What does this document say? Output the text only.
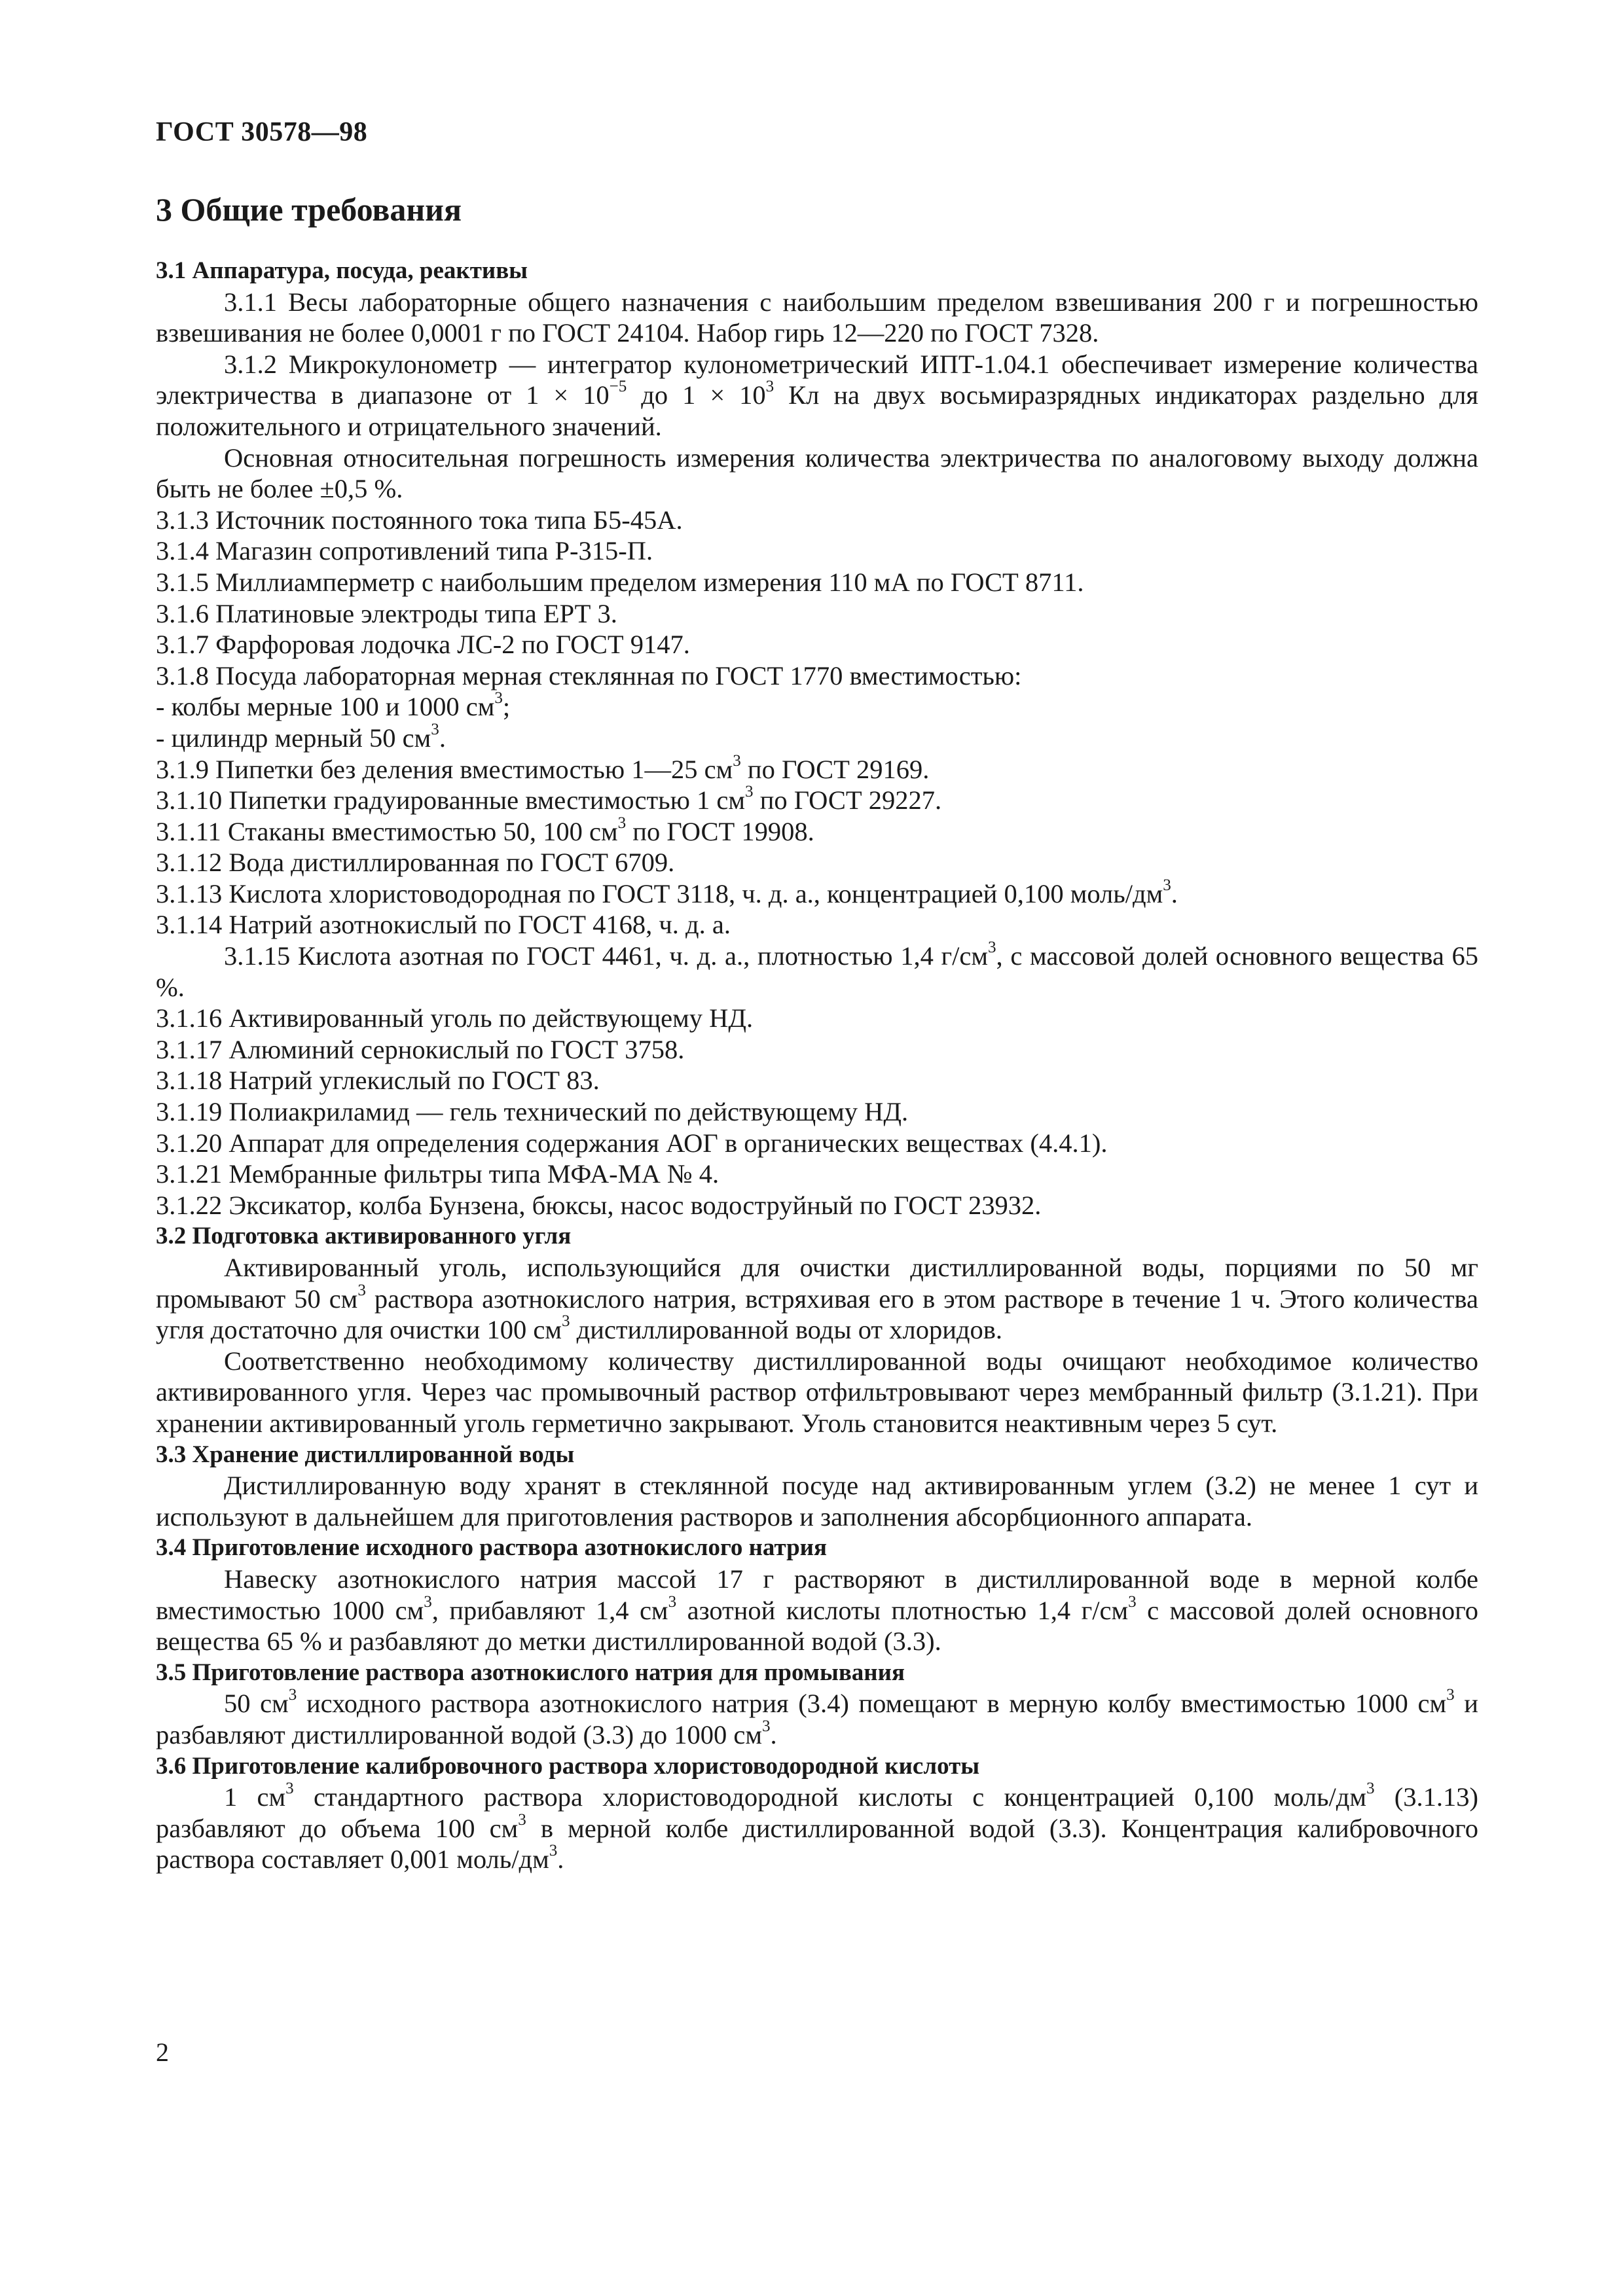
ГОСТ 30578—98
3 Общие требования
3.1 Аппаратура, посуда, реактивы

3.1.1 Весы лабораторные общего назначения с наибольшим пределом взвешивания 200 г и погрешностью взвешивания не более 0,0001 г по ГОСТ 24104. Набор гирь 12—220 по ГОСТ 7328.

3.1.2 Микрокулонометр — интегратор кулонометрический ИПТ-1.04.1 обеспечивает измерение количества электричества в диапазоне от $1 \times 10^{-5}$ до $1 \times 10^3$ Кл на двух восьмиразрядных индикаторах раздельно для положительного и отрицательного значений.

Основная относительная погрешность измерения количества электричества по аналоговому выходу должна быть не более ±0,5 %.

3.1.3 Источник постоянного тока типа Б5-45А.
3.1.4 Магазин сопротивлений типа Р-315-П.
3.1.5 Миллиамперметр с наибольшим пределом измерения 110 мА по ГОСТ 8711.
3.1.6 Платиновые электроды типа ЕРТ 3.
3.1.7 Фарфоровая лодочка ЛС-2 по ГОСТ 9147.
3.1.8 Посуда лабораторная мерная стеклянная по ГОСТ 1770 вместимостью:
- колбы мерные 100 и 1000 $см^3$;
- цилиндр мерный 50 $см^3$.
3.1.9 Пипетки без деления вместимостью 1—25 $см^3$ по ГОСТ 29169.
3.1.10 Пипетки градуированные вместимостью 1 $см^3$ по ГОСТ 29227.
3.1.11 Стаканы вместимостью 50, 100 $см^3$ по ГОСТ 19908.
3.1.12 Вода дистиллированная по ГОСТ 6709.
3.1.13 Кислота хлористоводородная по ГОСТ 3118, ч. д. а., концентрацией 0,100 моль/$дм^3$.
3.1.14 Натрий азотнокислый по ГОСТ 4168, ч. д. а.

3.1.15 Кислота азотная по ГОСТ 4461, ч. д. а., плотностью 1,4 $г/см^3$, с массовой долей основного вещества 65 %.

3.1.16 Активированный уголь по действующему НД.
3.1.17 Алюминий сернокислый по ГОСТ 3758.
3.1.18 Натрий углекислый по ГОСТ 83.
3.1.19 Полиакриламид — гель технический по действующему НД.
3.1.20 Аппарат для определения содержания АОГ в органических веществах (4.4.1).
3.1.21 Мембранные фильтры типа МФА-МА № 4.
3.1.22 Эксикатор, колба Бунзена, бюксы, насос водоструйный по ГОСТ 23932.
3.2 Подготовка активированного угля

Активированный уголь, использующийся для очистки дистиллированной воды, порциями по 50 мг промывают 50 $см^3$ раствора азотнокислого натрия, встряхивая его в этом растворе в течение 1 ч. Этого количества угля достаточно для очистки 100 $см^3$ дистиллированной воды от хлоридов.

Соответственно необходимому количеству дистиллированной воды очищают необходимое количество активированного угля. Через час промывочный раствор отфильтровывают через мембранный фильтр (3.1.21). При хранении активированный уголь герметично закрывают. Уголь становится неактивным через 5 сут.

3.3 Хранение дистиллированной воды

Дистиллированную воду хранят в стеклянной посуде над активированным углем (3.2) не менее 1 сут и используют в дальнейшем для приготовления растворов и заполнения абсорбционного аппарата.

3.4 Приготовление исходного раствора азотнокислого натрия

Навеску азотнокислого натрия массой 17 г растворяют в дистиллированной воде в мерной колбе вместимостью 1000 $см^3$, прибавляют 1,4 $см^3$ азотной кислоты плотностью 1,4 $г/см^3$ с массовой долей основного вещества 65 % и разбавляют до метки дистиллированной водой (3.3).

3.5 Приготовление раствора азотнокислого натрия для промывания

50 $см^3$ исходного раствора азотнокислого натрия (3.4) помещают в мерную колбу вместимостью 1000 $см^3$ и разбавляют дистиллированной водой (3.3) до 1000 $см^3$.

3.6 Приготовление калибровочного раствора хлористоводородной кислоты

1 $см^3$ стандартного раствора хлористоводородной кислоты с концентрацией 0,100 моль/$дм^3$ (3.1.13) разбавляют до объема 100 $см^3$ в мерной колбе дистиллированной водой (3.3). Концентрация калибровочного раствора составляет 0,001 моль/$дм^3$.

2
